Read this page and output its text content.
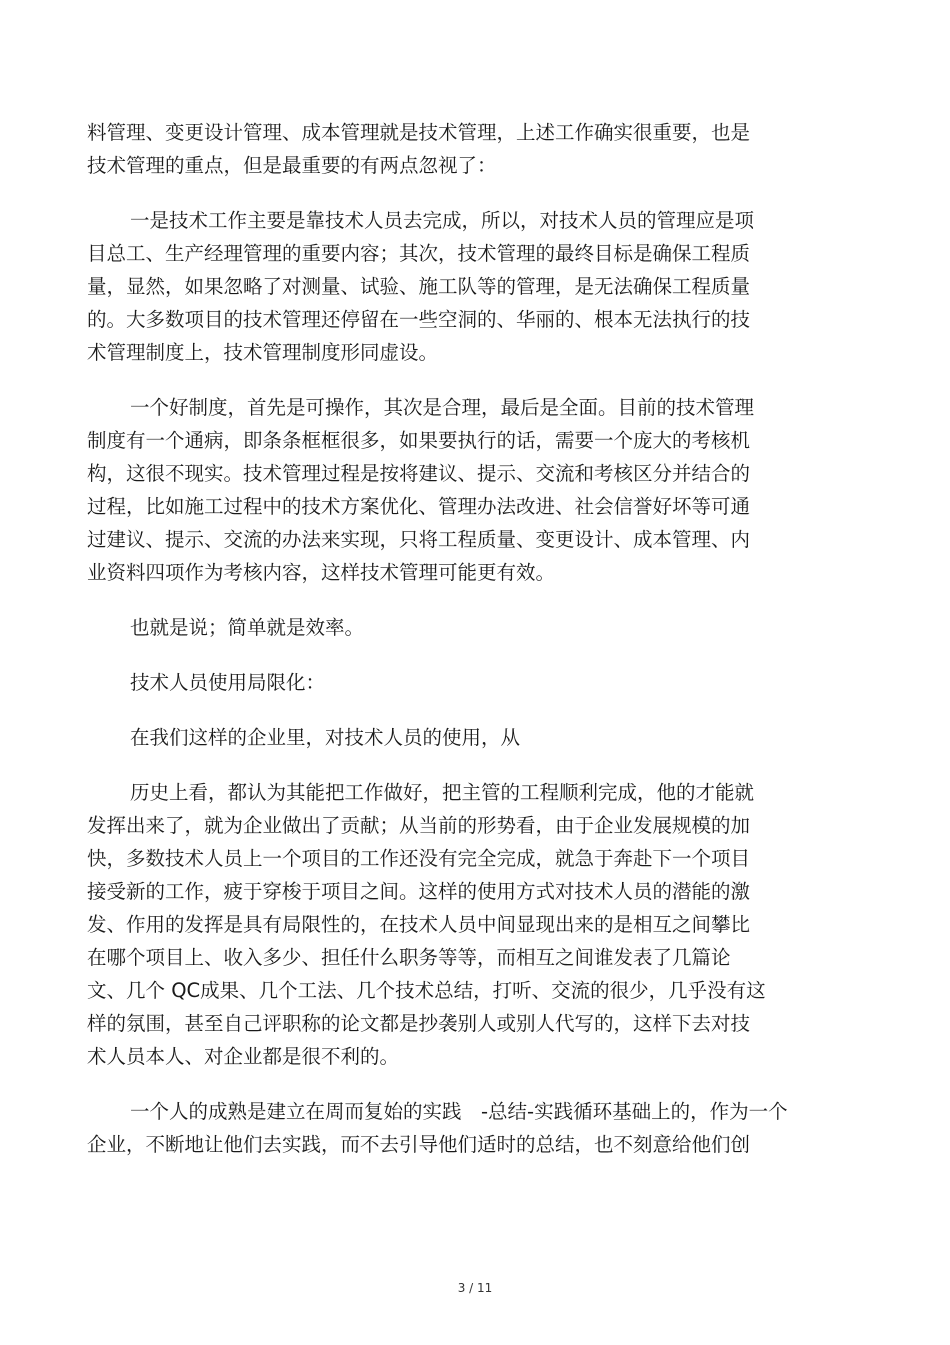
料管理、变更设计管理、成本管理就是技术管理，上述工作确实很重要，也是
技术管理的重点，但是最重要的有两点忽视了：
一是技术工作主要是靠技术人员去完成，所以，对技术人员的管理应是项
目总工、生产经理管理的重要内容；其次，技术管理的最终目标是确保工程质
量，显然，如果忽略了对测量、试验、施工队等的管理，是无法确保工程质量
的。大多数项目的技术管理还停留在一些空洞的、华丽的、根本无法执行的技
术管理制度上，技术管理制度形同虚设。
一个好制度，首先是可操作，其次是合理，最后是全面。目前的技术管理
制度有一个通病，即条条框框很多，如果要执行的话，需要一个庞大的考核机
构，这很不现实。技术管理过程是按将建议、提示、交流和考核区分并结合的
过程，比如施工过程中的技术方案优化、管理办法改进、社会信誉好坏等可通
过建议、提示、交流的办法来实现，只将工程质量、变更设计、成本管理、内
业资料四项作为考核内容，这样技术管理可能更有效。
也就是说；简单就是效率。
技术人员使用局限化：
在我们这样的企业里，对技术人员的使用，从
历史上看，都认为其能把工作做好，把主管的工程顺利完成，他的才能就
发挥出来了，就为企业做出了贡献；从当前的形势看，由于企业发展规模的加
快，多数技术人员上一个项目的工作还没有完全完成，就急于奔赴下一个项目
接受新的工作，疲于穿梭于项目之间。这样的使用方式对技术人员的潜能的激
发、作用的发挥是具有局限性的，在技术人员中间显现出来的是相互之间攀比
在哪个项目上、收入多少、担任什么职务等等，而相互之间谁发表了几篇论
文、几个 QC成果、几个工法、几个技术总结，打听、交流的很少，几乎没有这
样的氛围，甚至自己评职称的论文都是抄袭别人或别人代写的，这样下去对技
术人员本人、对企业都是很不利的。
一个人的成熟是建立在周而复始的实践　-总结-实践循环基础上的，作为一个
企业，不断地让他们去实践，而不去引导他们适时的总结，也不刻意给他们创
3 / 11
